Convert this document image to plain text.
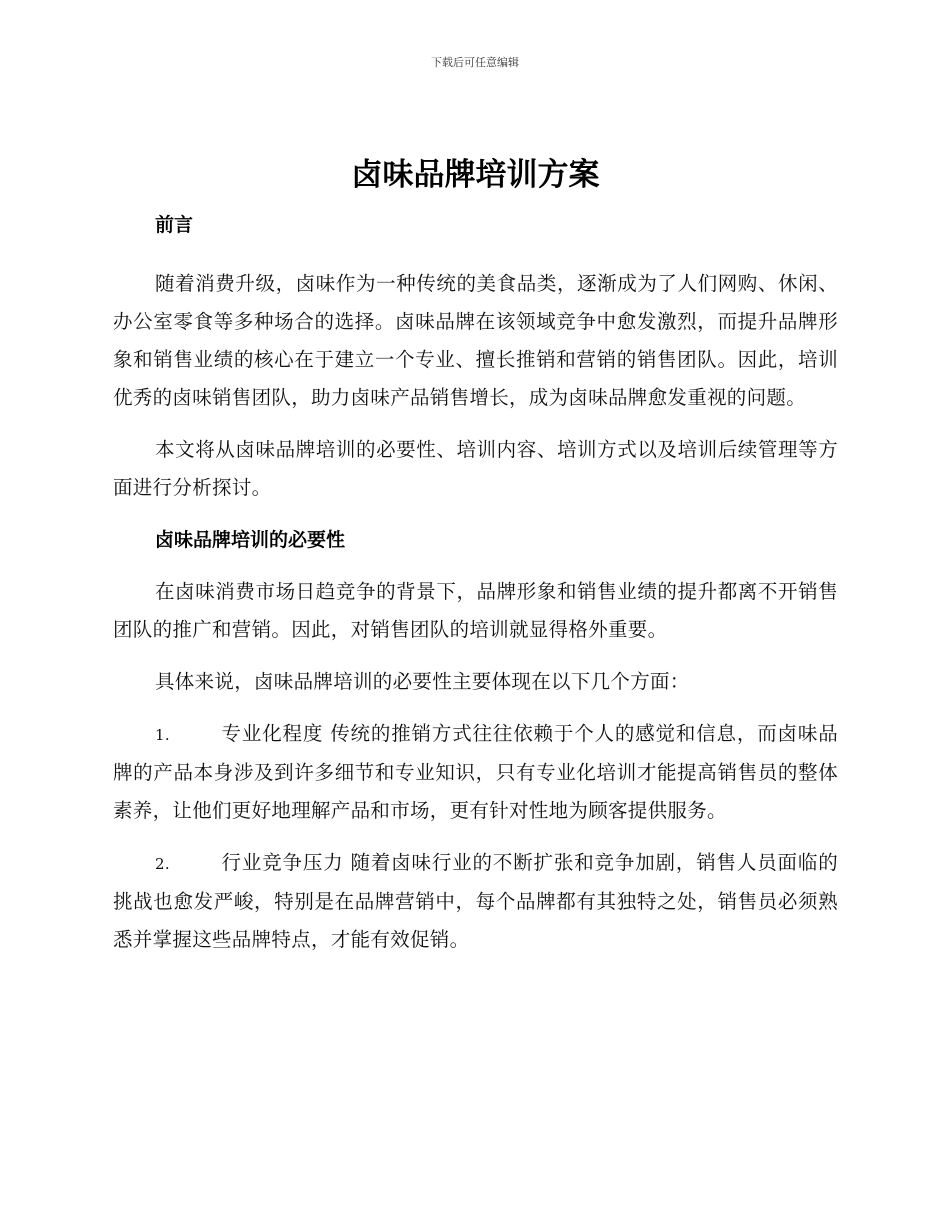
下载后可任意编辑
卤味品牌培训方案
前言

随着消费升级，卤味作为一种传统的美食品类，逐渐成为了人们网购、休闲、办公室零食等多种场合的选择。卤味品牌在该领域竞争中愈发激烈，而提升品牌形象和销售业绩的核心在于建立一个专业、擅长推销和营销的销售团队。因此，培训优秀的卤味销售团队，助力卤味产品销售增长，成为卤味品牌愈发重视的问题。

本文将从卤味品牌培训的必要性、培训内容、培训方式以及培训后续管理等方面进行分析探讨。

卤味品牌培训的必要性

在卤味消费市场日趋竞争的背景下，品牌形象和销售业绩的提升都离不开销售团队的推广和营销。因此，对销售团队的培训就显得格外重要。

具体来说，卤味品牌培训的必要性主要体现在以下几个方面：

1.	专业化程度 传统的推销方式往往依赖于个人的感觉和信息，而卤味品牌的产品本身涉及到许多细节和专业知识，只有专业化培训才能提高销售员的整体素养，让他们更好地理解产品和市场，更有针对性地为顾客提供服务。

2.	行业竞争压力 随着卤味行业的不断扩张和竞争加剧，销售人员面临的挑战也愈发严峻，特别是在品牌营销中，每个品牌都有其独特之处，销售员必须熟悉并掌握这些品牌特点，才能有效促销。
